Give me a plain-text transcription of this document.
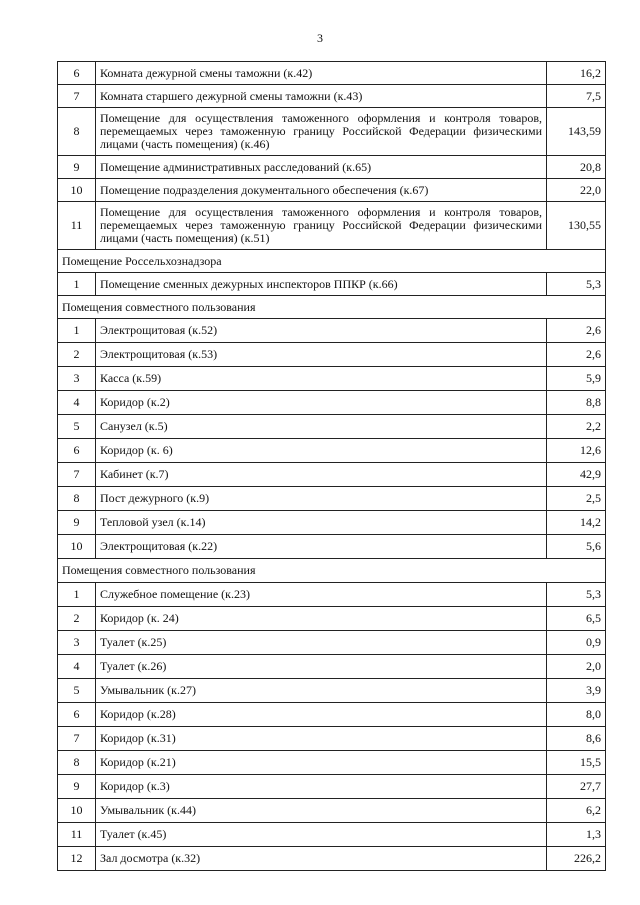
3
6	Комната дежурной смены таможни (к.42)	16,2
7	Комната старшего дежурной смены таможни (к.43)	7,5
8	Помещение для осуществления таможенного оформления и контроля товаров, перемещаемых через таможенную границу Российской Федерации физическими лицами (часть помещения) (к.46)	143,59
9	Помещение административных расследований (к.65)	20,8
10	Помещение подразделения документального обеспечения (к.67)	22,0
11	Помещение для осуществления таможенного оформления и контроля товаров, перемещаемых через таможенную границу Российской Федерации физическими лицами (часть помещения) (к.51)	130,55
Помещение Россельхознадзора		
1	Помещение сменных дежурных инспекторов ППКР (к.66)	5,3
Помещения совместного пользования		
1	Электрощитовая (к.52)	2,6
2	Электрощитовая (к.53)	2,6
3	Касса (к.59)	5,9
4	Коридор (к.2)	8,8
5	Санузел (к.5)	2,2
6	Коридор (к. 6)	12,6
7	Кабинет (к.7)	42,9
8	Пост дежурного (к.9)	2,5
9	Тепловой узел (к.14)	14,2
10	Электрощитовая (к.22)	5,6
Помещения совместного пользования		
1	Служебное помещение (к.23)	5,3
2	Коридор (к. 24)	6,5
3	Туалет (к.25)	0,9
4	Туалет (к.26)	2,0
5	Умывальник (к.27)	3,9
6	Коридор (к.28)	8,0
7	Коридор (к.31)	8,6
8	Коридор (к.21)	15,5
9	Коридор (к.3)	27,7
10	Умывальник (к.44)	6,2
11	Туалет (к.45)	1,3
12	Зал досмотра (к.32)	226,2
